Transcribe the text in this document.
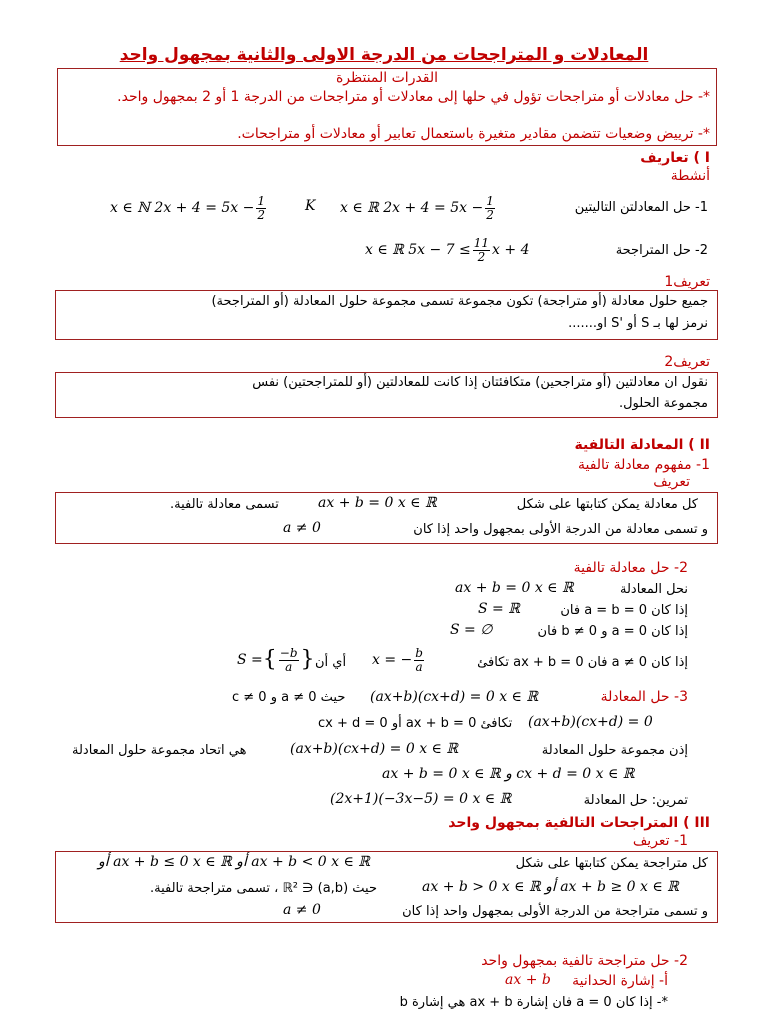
المعادلات و المتراجحات من الدرجة الاولى والثانية بمجهول واحد
القدرات المنتظرة
*- حل معادلات أو متراجحات تؤول في حلها إلى معادلات أو متراجحات من الدرجة 1 أو 2 بمجهول واحد.
*- ترييض وضعيات تتضمن مقادير متغيرة باستعمال تعابير أو معادلات أو متراجحات.
I ) تعاريف
أنشطة
1- حل المعادلتن التاليتين
x ∈ ℝ $2x + 4 = 5x - \frac{1}{2}$
K
x ∈ ℕ $2x + 4 = 5x - \frac{1}{2}$
2- حل المتراجحة
x ∈ ℝ $5x - 7 \le \frac{11}{2}$ x + 4
تعريف1
جميع حلول معادلة (أو متراجحة) تكون مجموعة تسمى مجموعة حلول المعادلة (أو المتراجحة)
نرمز لها بـ S أو 'S او.......
تعريف2
نقول ان معادلتين (أو متراجحين) متكافئتان إذا كانت للمعادلتين (أو للمتراجحتين) نفس
مجموعة الحلول.
II ) المعادلة التالفية
1- مفهوم معادلة تالفية
تعريف
كل معادلة يمكن كتابتها على شكل
ax + b = 0 x ∈ ℝ
تسمى معادلة تالفية.
و تسمى معادلة من الدرجة الأولى بمجهول واحد إذا كان
a ≠ 0
2- حل معادلة تالفية
نحل المعادلة
ax + b = 0 x ∈ ℝ
إذا كان a = b = 0 فان
S = ℝ
إذا كان a = 0 و b ≠ 0 فان
S = ∅
إذا كان a ≠ 0 فان ax + b = 0 تكافئ
x = − $\frac{b}{a}$
أي أن
S ={ $\frac{-b}{a}$ }
3- حل المعادلة
(ax+b)(cx+d) = 0 x ∈ ℝ
حيث a ≠ 0 و c ≠ 0
(ax+b)(cx+d) = 0
تكافئ ax + b = 0 أو cx + d = 0
إذن مجموعة حلول المعادلة
(ax+b)(cx+d) = 0 x ∈ ℝ
هي اتحاد مجموعة حلول المعادلة
ax + b = 0 x ∈ ℝ و cx + d = 0 x ∈ ℝ
تمرين: حل المعادلة
(2x+1)(−3x−5) = 0 x ∈ ℝ
III ) المتراجحات التالفية بمجهول واحد
1- تعريف
كل متراجحة يمكن كتابتها على شكل
ax + b < 0 x ∈ ℝ أو ax + b ≤ 0 x ∈ ℝ أو
ax + b ≥ 0 x ∈ ℝ أو ax + b > 0 x ∈ ℝ
حيث (a,b) ∈ ℝ² ، تسمى متراجحة تالفية.
و تسمى متراجحة من الدرجة الأولى بمجهول واحد إذا كان
a ≠ 0
2- حل متراجحة تالفية بمجهول واحد
أ- إشارة الحدانية
ax + b
*- إذا كان a = 0 فان إشارة ax + b هي إشارة b
